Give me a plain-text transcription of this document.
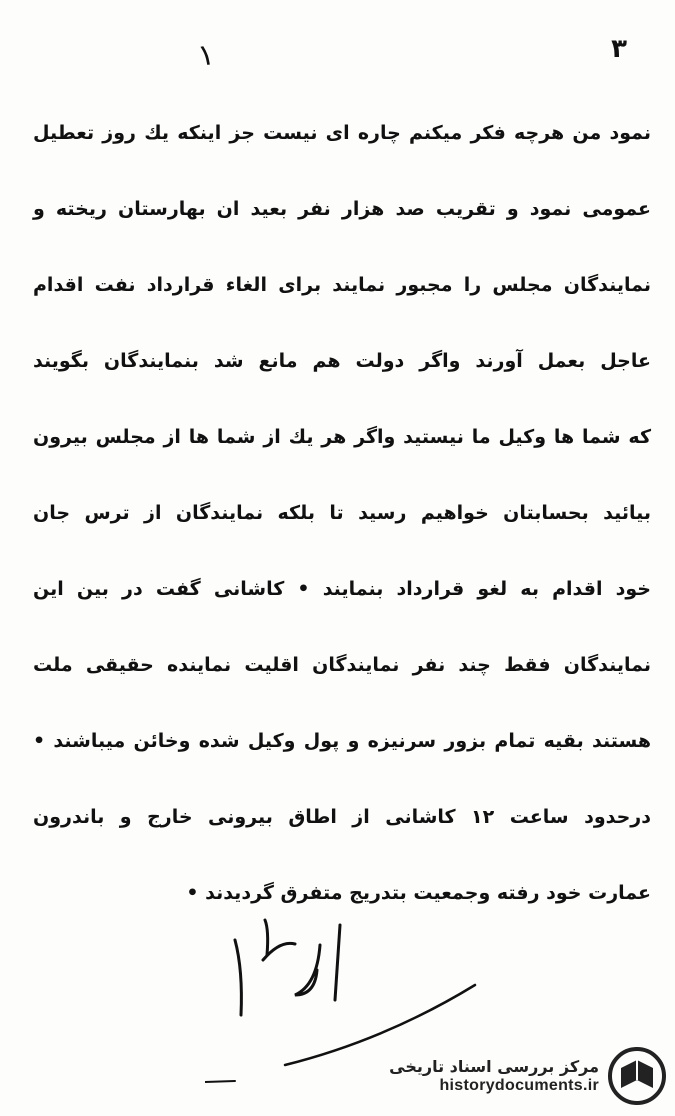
۳
۱
نمود من هرچه فکر میکنم چاره ای نیست جز اینکه یك روز تعطیل
عمومی نمود و تقریب صد هزار نفر بعید ان بهارستان ریخته و
نمایندگان مجلس را مجبور نمایند برای الغاء قرارداد نفت اقدام
عاجل بعمل آورند واگر دولت هم مانع شد بنمایندگان بگویند
که شما ها وکیل ما نیستید واگر هر یك از شما ها از مجلس بیرون
بیائید بحسابتان خواهیم رسید تا بلکه نمایندگان از ترس جان
خود اقدام به لغو قرارداد بنمایند • کاشانی گفت در بین این
نمایندگان فقط چند نفر نمایندگان اقلیت نماینده حقیقی ملت
هستند بقیه تمام بزور سرنیزه و پول وکیل شده وخائن میباشند •
درحدود ساعت ۱۲ کاشانی از اطاق بیرونی خارج و باندرون
عمارت خود رفته وجمعیت بتدریج متفرق گردیدند •
مرکز بررسی اسناد تاریخی
historydocuments.ir
